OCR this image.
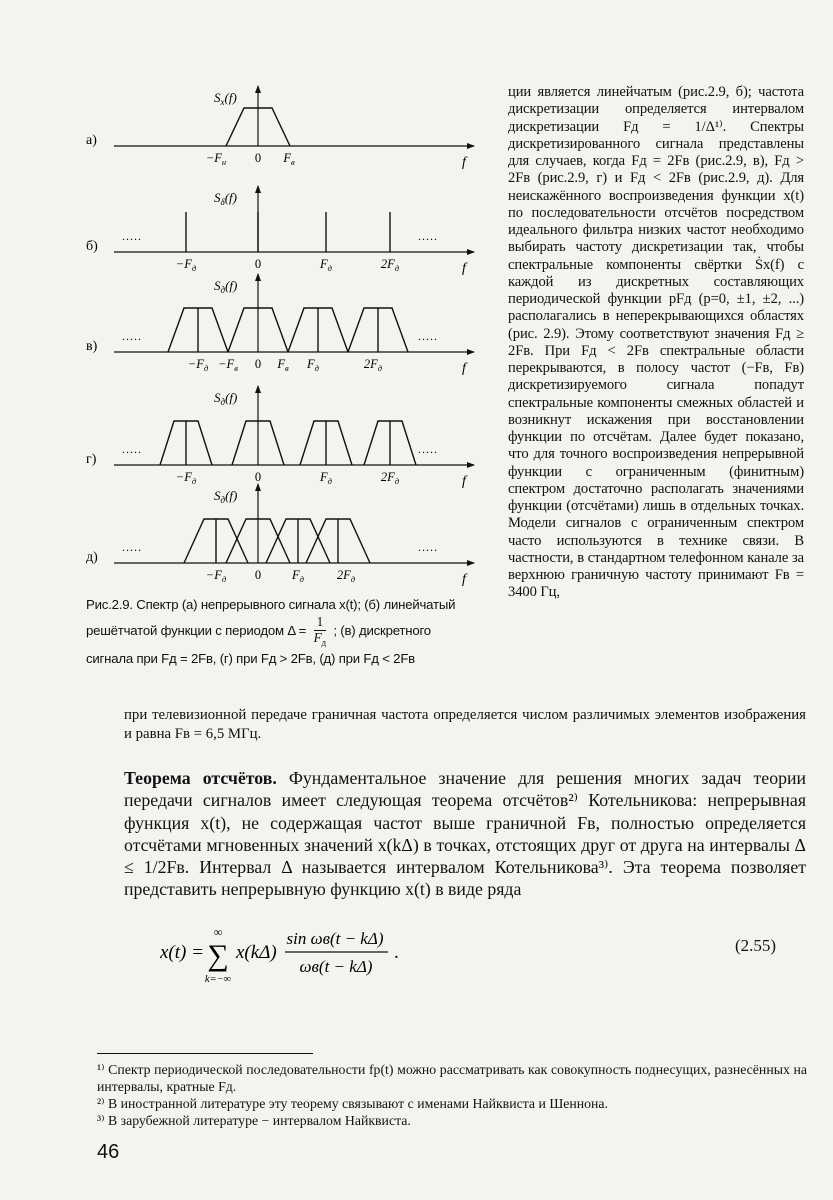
а)
$S_x(f)$
f
$-F_н$ 0 $F_в$
б)
$S_\delta(f)$
f
.....	.....
$-F_д$	0	$F_д$	$2F_д$
в)
$S_д(f)$
f
.....	.....
$-F_д -F_в$ 0 $F_в$ $F_д$	$2F_д$
г)
$S_д(f)$
f
.....	.....
$-F_д$	0	$F_д$	$2F_д$
д)
$S_д(f)$
f
.....	.....
$-F_д$ 0 $F_д$	$2F_д$
Рис.2.9. Спектр (а) непрерывного сигнала x(t); (б) линейчатый
решётчатой функции с периодом $\Delta = \frac{1}{F_д}$ ; (в) дискретного
сигнала при Fд = 2Fв, (г) при Fд > 2Fв, (д) при Fд < 2Fв

ции является линейчатым (рис.2.9, б); частота дискретизации определяется интервалом дискретизации Fд = 1/Δ¹⁾. Спектры дискретизированного сигнала представлены для случаев, когда Fд = 2Fв (рис.2.9, в), Fд > 2Fв (рис.2.9, г) и Fд < 2Fв (рис.2.9, д). Для неискажённого воспроизведения функции x(t) по последовательности отсчётов посредством идеального фильтра низких частот необходимо выбирать частоту дискретизации так, чтобы спектральные компоненты свёртки Ṡx(f) с каждой из дискретных составляющих периодической функции pFд (p=0, ±1, ±2, ...) располагались в неперекрывающихся областях (рис. 2.9). Этому соответствуют значения Fд ≥ 2Fв. При Fд < 2Fв спектральные области перекрываются, в полосу частот (−Fв, Fв) дискретизируемого сигнала попадут спектральные компоненты смежных областей и возникнут искажения при восстановлении функции по отсчётам. Далее будет показано, что для точного воспроизведения непрерывной функции с ограниченным (финитным) спектром достаточно располагать значениями функции (отсчётами) лишь в отдельных точках. Модели сигналов с ограниченным спектром часто используются в технике связи. В частности, в стандартном телефонном канале за верхнюю граничную частоту принимают Fв = 3400 Гц,

при телевизионной передаче граничная частота определяется числом различимых элементов изображения и равна Fв = 6,5 МГц.

Теорема отсчётов. Фундаментальное значение для решения многих задач теории передачи сигналов имеет следующая теорема отсчётов²⁾ Котельникова: непрерывная функция x(t), не содержащая частот выше граничной Fв, полностью определяется отсчётами мгновенных значений x(kΔ) в точках, отстоящих друг от друга на интервалы Δ ≤ 1/2Fв. Интервал Δ называется интервалом Котельникова³⁾. Эта теорема позволяет представить непрерывную функцию x(t) в виде ряда

x(t) =
∞
∑
k=−∞
x(kΔ)
sin ωв(t − kΔ)
ωв(t − kΔ)
.	(2.55)

¹⁾ Спектр периодической последовательности fp(t) можно рассматривать как совокупность поднесущих, разнесённых на интервалы, кратные Fд.

²⁾ В иностранной литературе эту теорему связывают с именами Найквиста и Шеннона.

³⁾ В зарубежной литературе − интервалом Найквиста.

46
